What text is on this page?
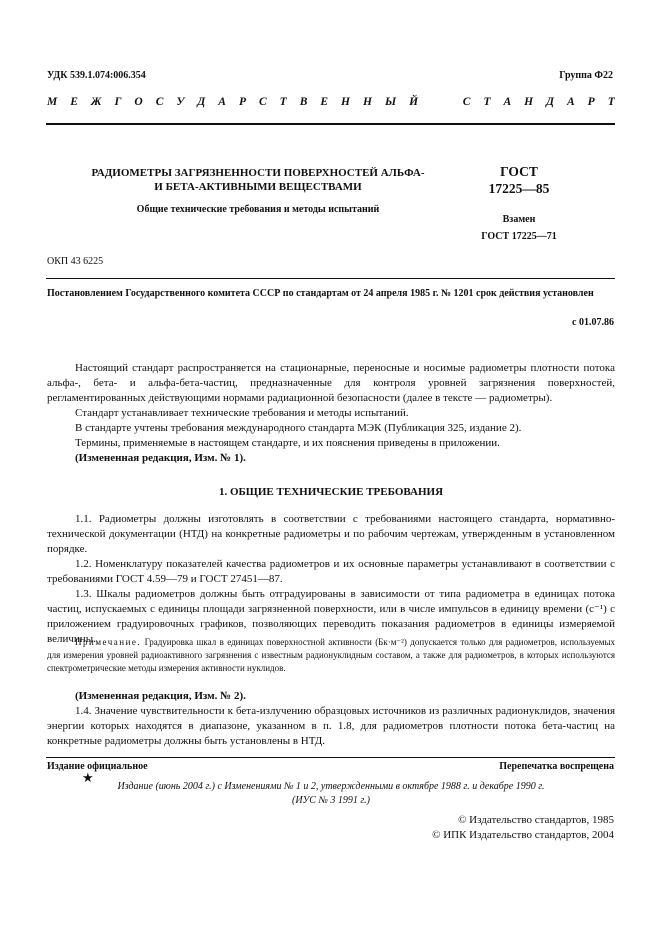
УДК 539.1.074:006.354	Группа Ф22
М Е Ж Г О С У Д А Р С Т В Е Н Н Ы Й

	С Т А Н Д А Р Т
РАДИОМЕТРЫ ЗАГРЯЗНЕННОСТИ ПОВЕРХНОСТЕЙ АЛЬФА-
И БЕТА-АКТИВНЫМИ ВЕЩЕСТВАМИ
ГОСТ
17225—85
Общие технические требования и методы испытаний
Взамен
ГОСТ 17225—71
ОКП 43 6225
Постановлением Государственного комитета СССР по стандартам от 24 апреля 1985 г. № 1201 срок действия установлен
с 01.07.86

Настоящий стандарт распространяется на стационарные, переносные и носимые радиометры плотности потока альфа-, бета- и альфа-бета-частиц, предназначенные для контроля уровней загрязнения поверхностей, регламентированных действующими нормами радиационной безопасности (далее в тексте — радиометры).

Стандарт устанавливает технические требования и методы испытаний.

В стандарте учтены требования международного стандарта МЭК (Публикация 325, издание 2).

Термины, применяемые в настоящем стандарте, и их пояснения приведены в приложении.

(Измененная редакция, Изм. № 1).

1. ОБЩИЕ ТЕХНИЧЕСКИЕ ТРЕБОВАНИЯ

1.1. Радиометры должны изготовлять в соответствии с требованиями настоящего стандарта, нормативно-технической документации (НТД) на конкретные радиометры и по рабочим чертежам, утвержденным в установленном порядке.

1.2. Номенклатуру показателей качества радиометров и их основные параметры устанавливают в соответствии с требованиями ГОСТ 4.59—79 и ГОСТ 27451—87.

1.3. Шкалы радиометров должны быть отградуированы в зависимости от типа радиометра в единицах потока частиц, испускаемых с единицы площади загрязненной поверхности, или в числе импульсов в единицу времени (с⁻¹) с приложением градуировочных графиков, позволяющих переводить показания радиометров в единицы измеряемой величины.

Примечание. Градуировка шкал в единицах поверхностной активности (Бк·м⁻²) допускается только для радиометров, используемых для измерения уровней радиоактивного загрязнения с известным радионуклидным составом, а также для радиометров, в которых используются спектрометрические методы измерения активности нуклидов.

(Измененная редакция, Изм. № 2).

1.4. Значение чувствительности к бета-излучению образцовых источников из различных радионуклидов, значения энергии которых находятся в диапазоне, указанном в п. 1.8, для радиометров плотности потока бета-частиц на конкретные радиометры должны быть установлены в НТД.

Издание официальное	Перепечатка воспрещена
★
Издание (июнь 2004 г.) с Изменениями № 1 и 2, утвержденными в октябре 1988 г. и декабре 1990 г.
(ИУС № 3 1991 г.)
© Издательство стандартов, 1985
© ИПК Издательство стандартов, 2004
